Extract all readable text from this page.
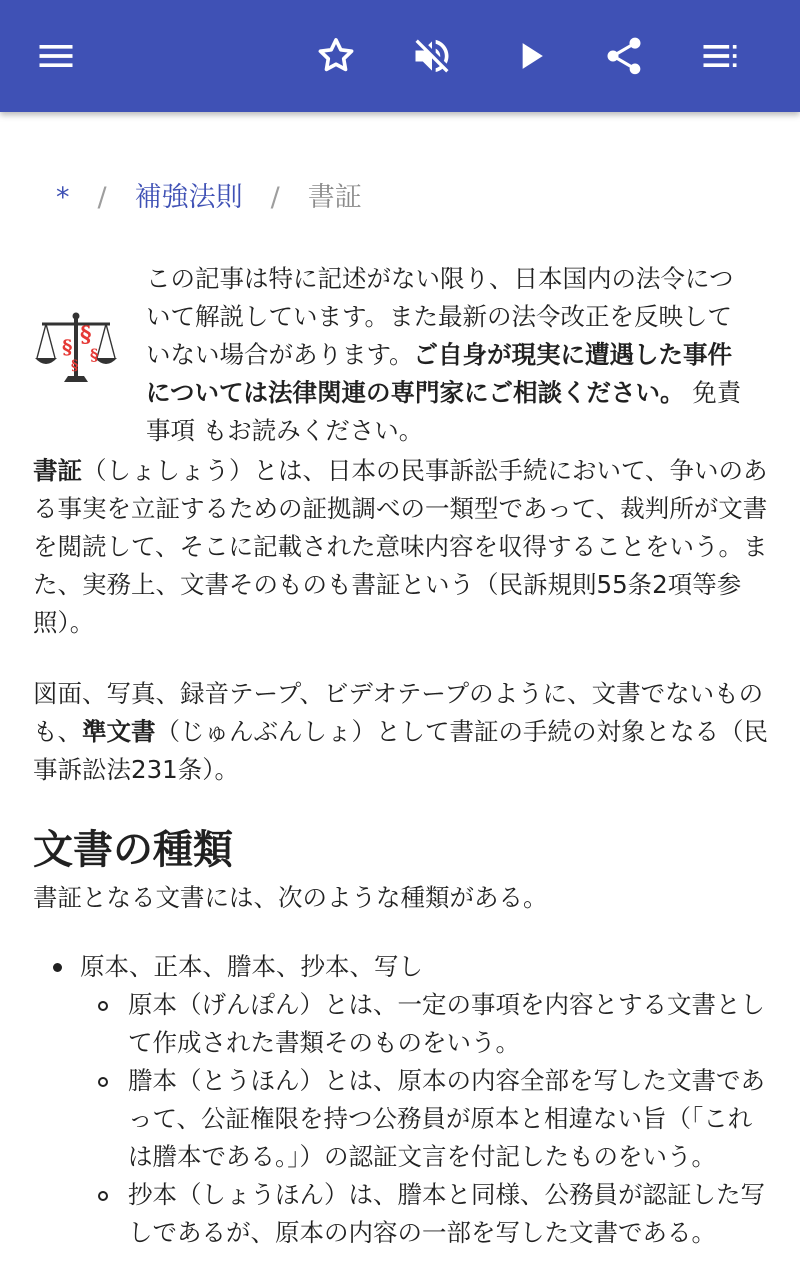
* / 補強法則 / 書証
§ §
§
§
この記事は特に記述がない限り、日本国内の法令について解説しています。また最新の法令改正を反映していない場合があります。ご自身が現実に遭遇した事件については法律関連の専門家にご相談ください。 免責事項 もお読みください。
書証（しょしょう）とは、日本の民事訴訟手続において、争いのある事実を立証するための証拠調べの一類型であって、裁判所が文書を閲読して、そこに記載された意味内容を収得することをいう。また、実務上、文書そのものも書証という（民訴規則55条2項等参照）。
図面、写真、録音テープ、ビデオテープのように、文書でないものも、準文書（じゅんぶんしょ）として書証の手続の対象となる（民事訴訟法231条）。
文書の種類
書証となる文書には、次のような種類がある。
原本、正本、謄本、抄本、写し
原本（げんぽん）とは、一定の事項を内容とする文書として作成された書類そのものをいう。
謄本（とうほん）とは、原本の内容全部を写した文書であって、公証権限を持つ公務員が原本と相違ない旨（「これは謄本である。」）の認証文言を付記したものをいう。
抄本（しょうほん）は、謄本と同様、公務員が認証した写しであるが、原本の内容の一部を写した文書である。
